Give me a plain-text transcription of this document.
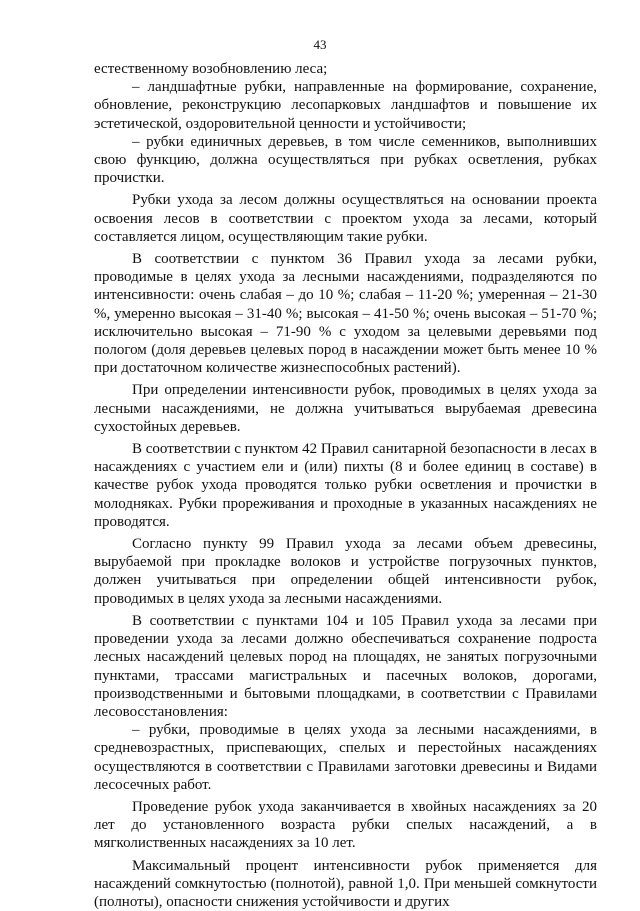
43

естественному возобновлению леса;

– ландшафтные рубки, направленные на формирование, сохранение, обновление, реконструкцию лесопарковых ландшафтов и повышение их эстетической, оздоровительной ценности и устойчивости;

– рубки единичных деревьев, в том числе семенников, выполнивших свою функцию, должна осуществляться при рубках осветления, рубках прочистки.

Рубки ухода за лесом должны осуществляться на основании проекта освоения лесов в соответствии с проектом ухода за лесами, который составляется лицом, осуществляющим такие рубки.

В соответствии с пунктом 36 Правил ухода за лесами рубки, проводимые в целях ухода за лесными насаждениями, подразделяются по интенсивности: очень слабая – до 10 %; слабая – 11-20 %; умеренная – 21-30 %, умеренно высокая – 31-40 %; высокая – 41-50 %; очень высокая – 51-70 %; исключительно высокая – 71-90 % с уходом за целевыми деревьями под пологом (доля деревьев целевых пород в насаждении может быть менее 10 % при достаточном количестве жизнеспособных растений).

При определении интенсивности рубок, проводимых в целях ухода за лесными насаждениями, не должна учитываться вырубаемая древесина сухостойных деревьев.

В соответствии с пунктом 42 Правил санитарной безопасности в лесах в насаждениях с участием ели и (или) пихты (8 и более единиц в составе) в качестве рубок ухода проводятся только рубки осветления и прочистки в молодняках. Рубки прореживания и проходные в указанных насаждениях не проводятся.

Согласно пункту 99 Правил ухода за лесами объем древесины, вырубаемой при прокладке волоков и устройстве погрузочных пунктов, должен учитываться при определении общей интенсивности рубок, проводимых в целях ухода за лесными насаждениями.

В соответствии с пунктами 104 и 105 Правил ухода за лесами при проведении ухода за лесами должно обеспечиваться сохранение подроста лесных насаждений целевых пород на площадях, не занятых погрузочными пунктами, трассами магистральных и пасечных волоков, дорогами, производственными и бытовыми площадками, в соответствии с Правилами лесовосстановления:

– рубки, проводимые в целях ухода за лесными насаждениями, в средневозрастных, приспевающих, спелых и перестойных насаждениях осуществляются в соответствии с Правилами заготовки древесины и Видами лесосечных работ.

Проведение рубок ухода заканчивается в хвойных насаждениях за 20 лет до установленного возраста рубки спелых насаждений, а в мягколиственных насаждениях за 10 лет.

Максимальный процент интенсивности рубок применяется для насаждений сомкнутостью (полнотой), равной 1,0. При меньшей сомкнутости (полноты), опасности снижения устойчивости и других
